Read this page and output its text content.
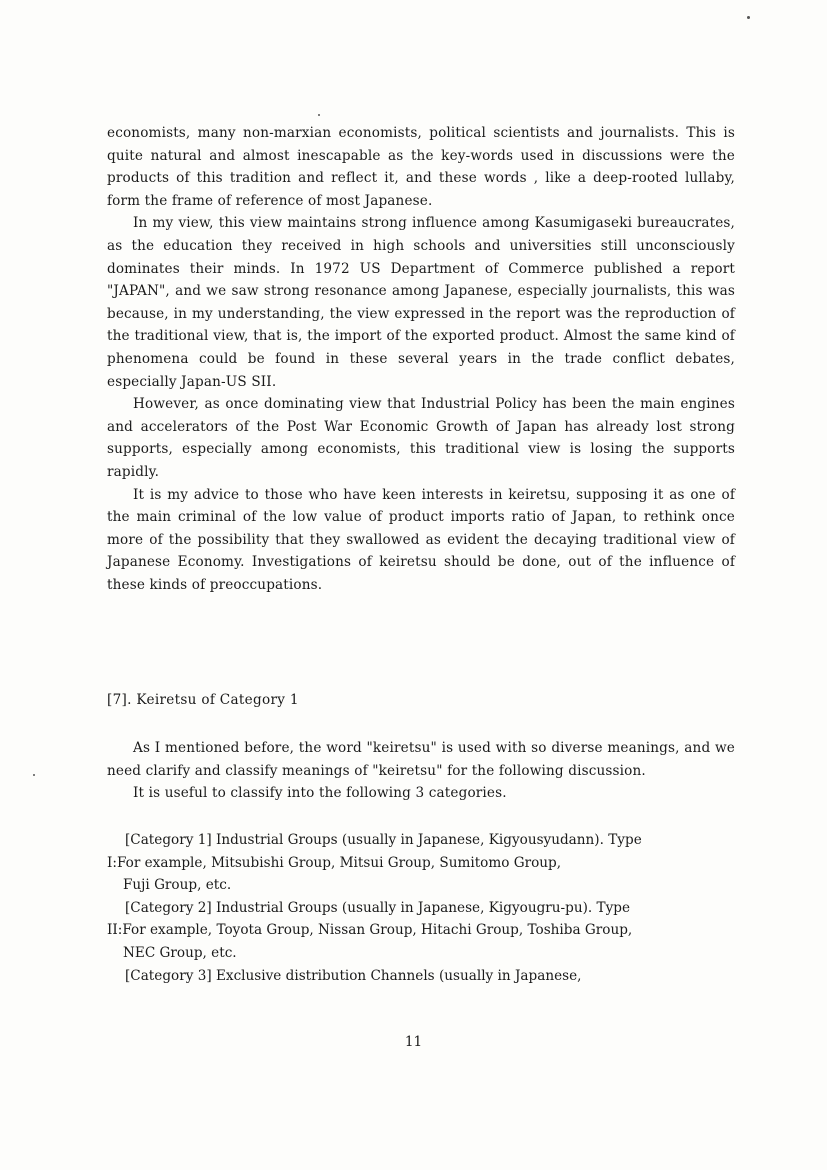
economists, many non-marxian economists, political scientists and journalists. This is quite natural and almost inescapable as the key-words used in discussions were the products of this tradition and reflect it, and these words , like a deep-rooted lullaby, form the frame of reference of most Japanese.

In my view, this view maintains strong influence among Kasumigaseki bureaucrates, as the education they received in high schools and universities still unconsciously dominates their minds. In 1972 US Department of Commerce published a report "JAPAN", and we saw strong resonance among Japanese, especially journalists, this was because, in my understanding, the view expressed in the report was the reproduction of the traditional view, that is, the import of the exported product. Almost the same kind of phenomena could be found in these several years in the trade conflict debates, especially Japan-US SII.

However, as once dominating view that Industrial Policy has been the main engines and accelerators of the Post War Economic Growth of Japan has already lost strong supports, especially among economists, this traditional view is losing the supports rapidly.

It is my advice to those who have keen interests in keiretsu, supposing it as one of the main criminal of the low value of product imports ratio of Japan, to rethink once more of the possibility that they swallowed as evident the decaying traditional view of Japanese Economy. Investigations of keiretsu should be done, out of the influence of these kinds of preoccupations.

[7]. Keiretsu of Category 1

As I mentioned before, the word "keiretsu" is used with so diverse meanings, and we need clarify and classify meanings of "keiretsu" for the following discussion.

It is useful to classify into the following 3 categories.

[Category 1] Industrial Groups (usually in Japanese, Kigyousyudann). Type

I:For example, Mitsubishi Group, Mitsui Group, Sumitomo Group,

Fuji Group, etc.

[Category 2] Industrial Groups (usually in Japanese, Kigyougru-pu). Type

II:For example, Toyota Group, Nissan Group, Hitachi Group, Toshiba Group,

NEC Group, etc.

[Category 3] Exclusive distribution Channels (usually in Japanese,

11
